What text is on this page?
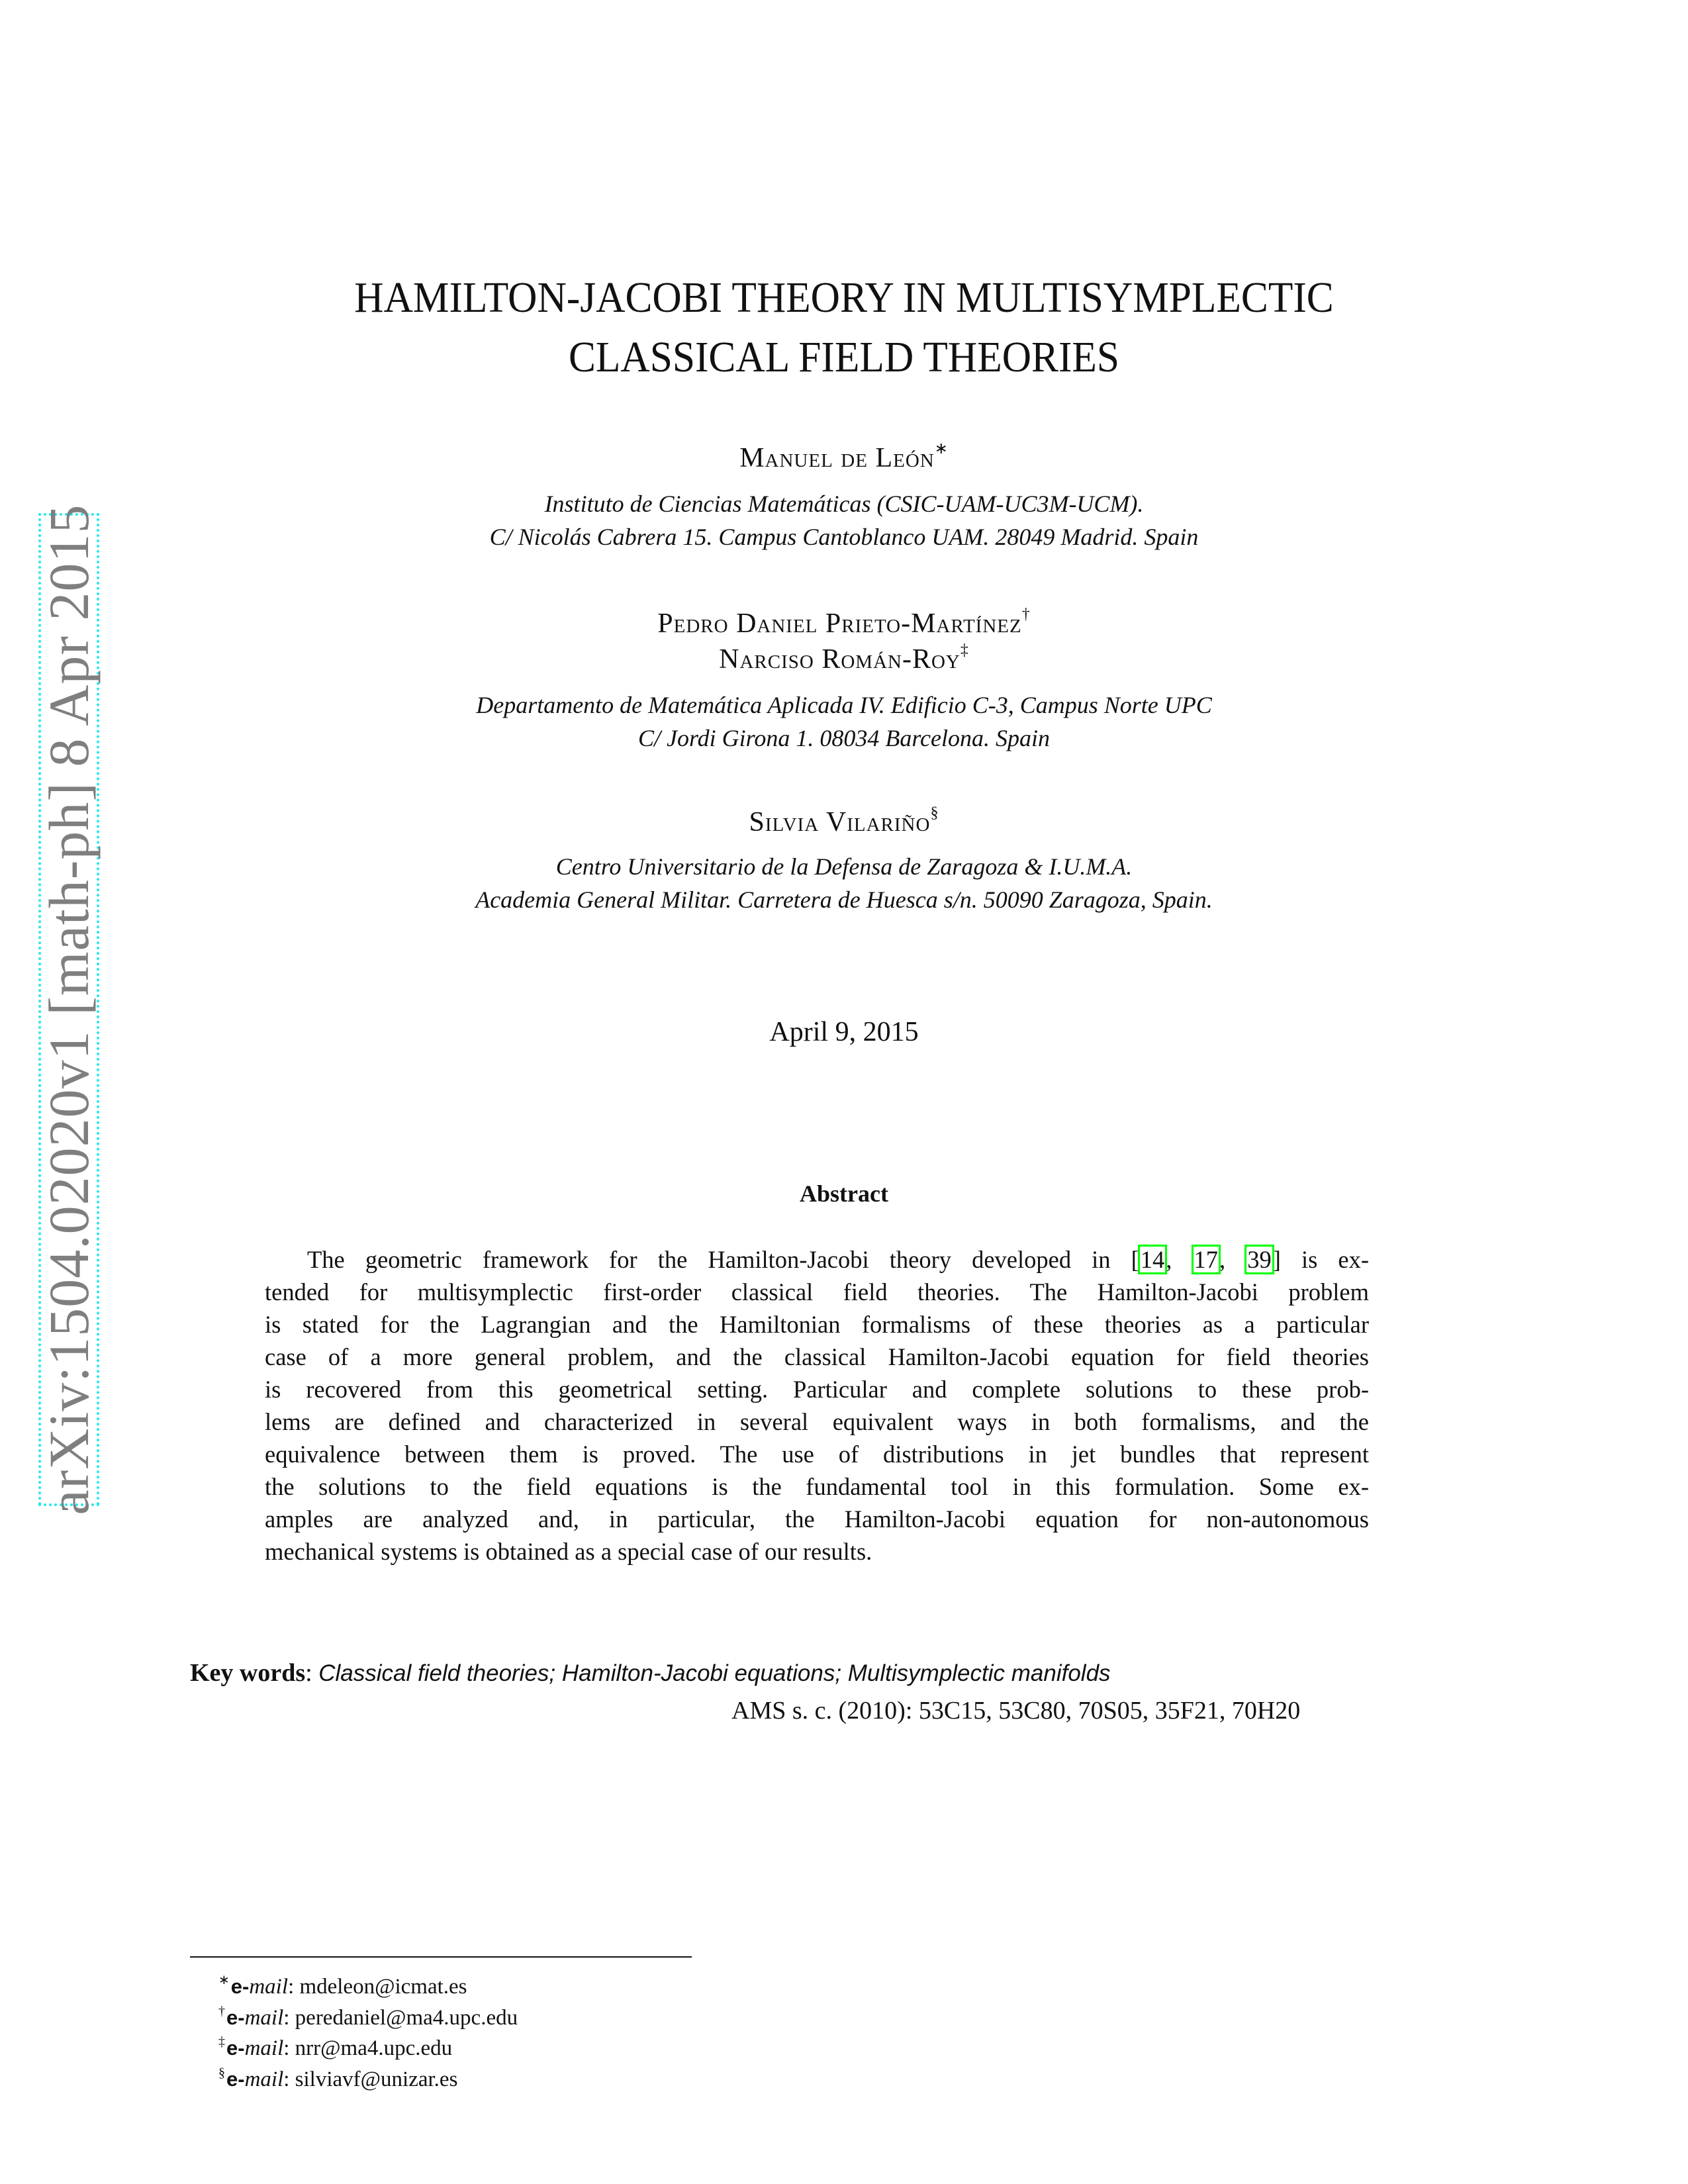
arXiv:1504.02020v1 [math-ph] 8 Apr 2015
HAMILTON-JACOBI THEORY IN MULTISYMPLECTIC
CLASSICAL FIELD THEORIES
Manuel de León∗
Instituto de Ciencias Matemáticas (CSIC-UAM-UC3M-UCM).
C/ Nicolás Cabrera 15. Campus Cantoblanco UAM. 28049 Madrid. Spain
Pedro Daniel Prieto-Martínez†
Narciso Román-Roy‡
Departamento de Matemática Aplicada IV. Edificio C-3, Campus Norte UPC
C/ Jordi Girona 1. 08034 Barcelona. Spain
Silvia Vilariño§
Centro Universitario de la Defensa de Zaragoza & I.U.M.A.
Academia General Militar. Carretera de Huesca s/n. 50090 Zaragoza, Spain.
April 9, 2015
Abstract
The geometric framework for the Hamilton-Jacobi theory developed in [14, 17, 39] is ex-
tended for multisymplectic first-order classical field theories. The Hamilton-Jacobi problem
is stated for the Lagrangian and the Hamiltonian formalisms of these theories as a particular
case of a more general problem, and the classical Hamilton-Jacobi equation for field theories
is recovered from this geometrical setting. Particular and complete solutions to these prob-
lems are defined and characterized in several equivalent ways in both formalisms, and the
equivalence between them is proved. The use of distributions in jet bundles that represent
the solutions to the field equations is the fundamental tool in this formulation. Some ex-
amples are analyzed and, in particular, the Hamilton-Jacobi equation for non-autonomous
mechanical systems is obtained as a special case of our results.
Key words: Classical field theories; Hamilton-Jacobi equations; Multisymplectic manifolds
AMS s. c. (2010): 53C15, 53C80, 70S05, 35F21, 70H20
∗e-mail: mdeleon@icmat.es
†e-mail: peredaniel@ma4.upc.edu
‡e-mail: nrr@ma4.upc.edu
§e-mail: silviavf@unizar.es
